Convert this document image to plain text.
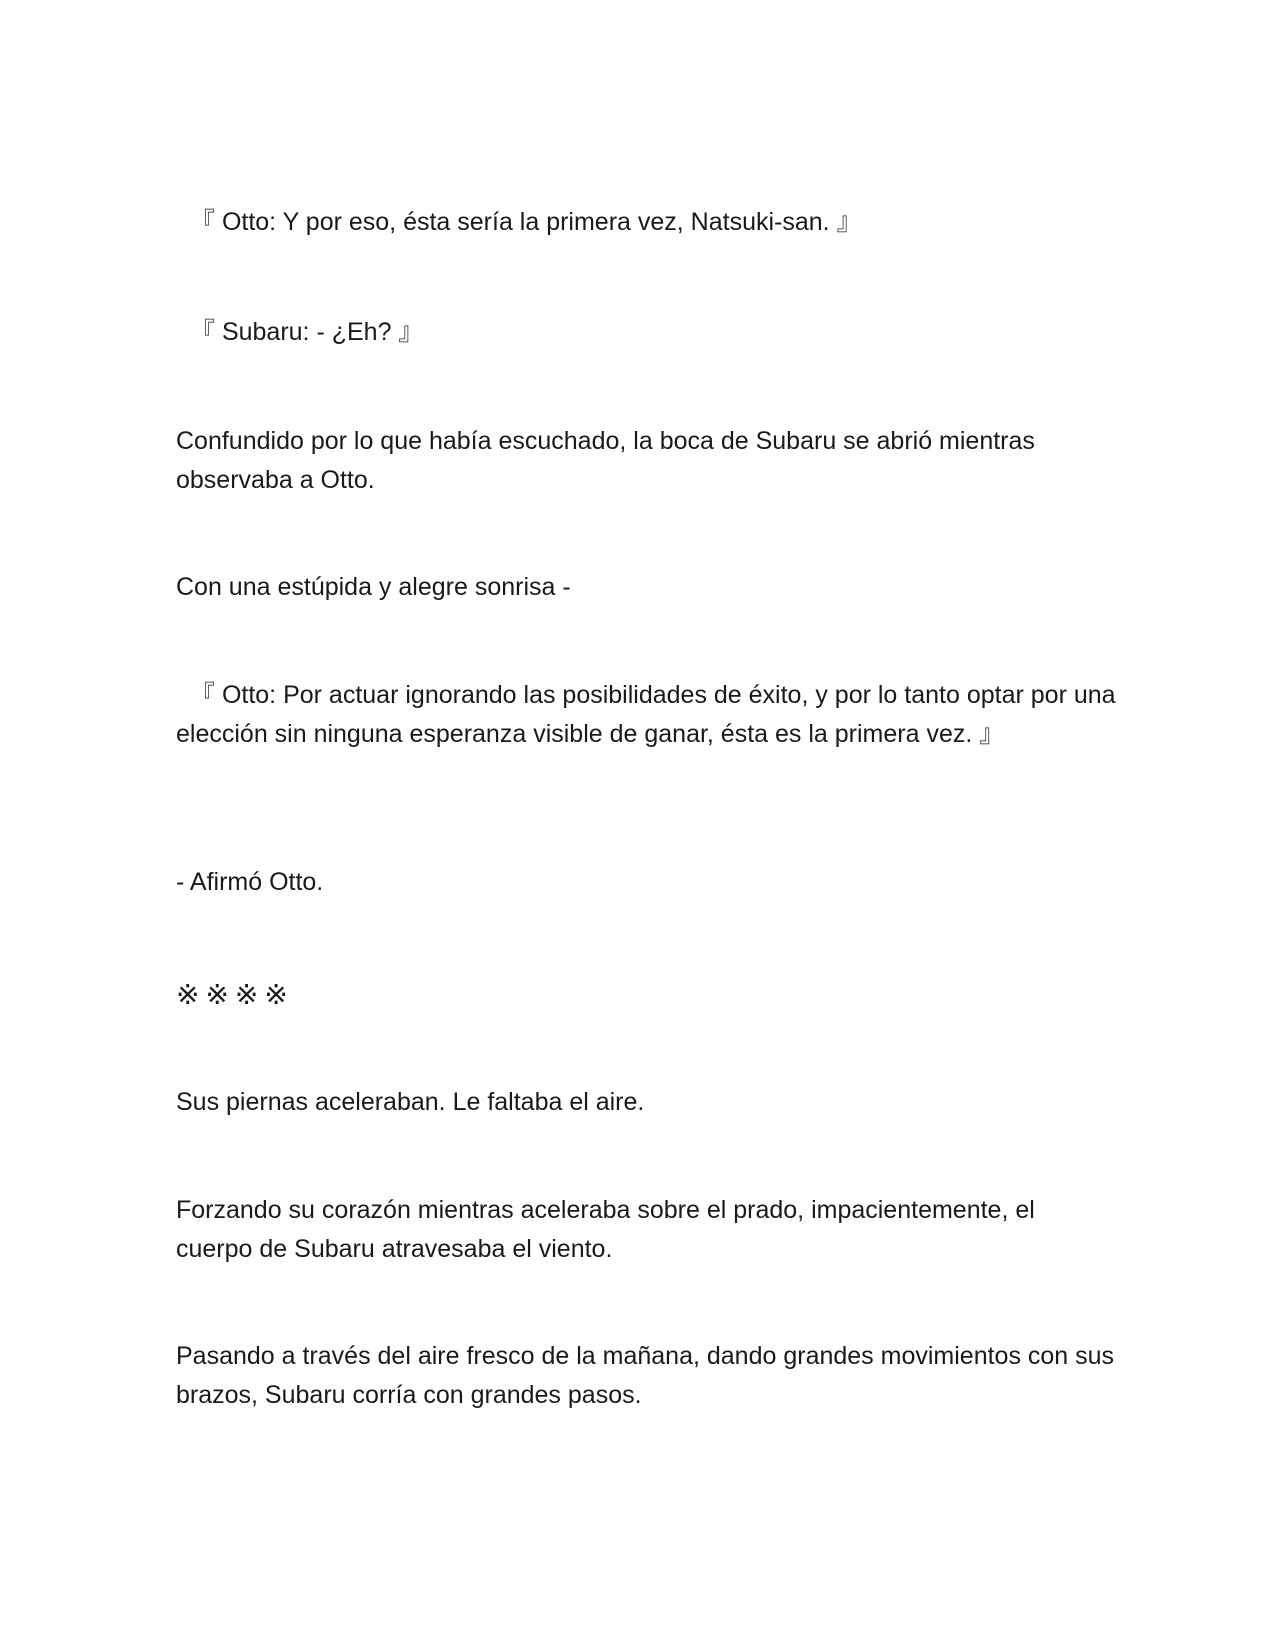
『 Otto: Y por eso, ésta sería la primera vez, Natsuki-san. 』

『 Subaru: - ¿Eh? 』

Confundido por lo que había escuchado, la boca de Subaru se abrió mientras observaba a Otto.

Con una estúpida y alegre sonrisa -

『 Otto: Por actuar ignorando las posibilidades de éxito, y por lo tanto optar por una elección sin ninguna esperanza visible de ganar, ésta es la primera vez. 』

- Afirmó Otto.

※※※※

Sus piernas aceleraban. Le faltaba el aire.

Forzando su corazón mientras aceleraba sobre el prado, impacientemente, el cuerpo de Subaru atravesaba el viento.

Pasando a través del aire fresco de la mañana, dando grandes movimientos con sus brazos, Subaru corría con grandes pasos.
